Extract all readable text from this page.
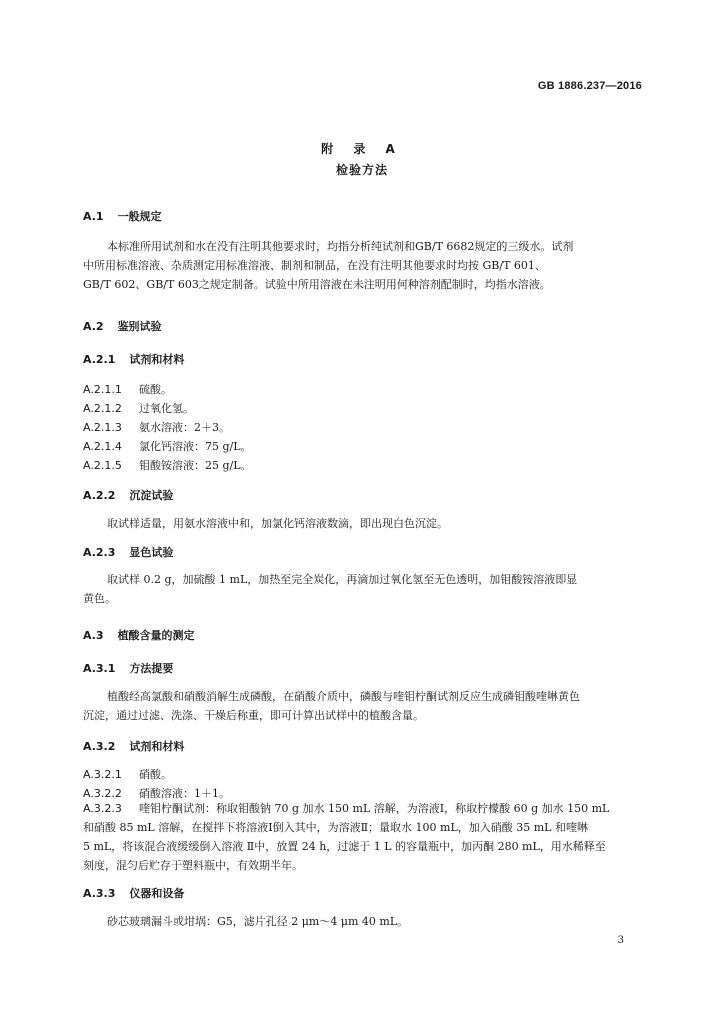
GB 1886.237—2016
附 录 A
检验方法
A.1 一般规定
本标准所用试剂和水在没有注明其他要求时，均指分析纯试剂和GB/T 6682规定的三级水。试剂
中所用标准溶液、杂质测定用标准溶液、制剂和制品，在没有注明其他要求时均按 GB/T 601、
GB/T 602、GB/T 603之规定制备。试验中所用溶液在未注明用何种溶剂配制时，均指水溶液。
A.2 鉴别试验
A.2.1 试剂和材料
A.2.1.1 硫酸。
A.2.1.2 过氧化氢。
A.2.1.3 氨水溶液：2＋3。
A.2.1.4 氯化钙溶液：75 g/L。
A.2.1.5 钼酸铵溶液：25 g/L。
A.2.2 沉淀试验
取试样适量，用氨水溶液中和，加氯化钙溶液数滴，即出现白色沉淀。
A.2.3 显色试验
取试样 0.2 g，加硫酸 1 mL，加热至完全炭化，再滴加过氧化氢至无色透明，加钼酸铵溶液即显
黄色。
A.3 植酸含量的测定
A.3.1 方法提要
植酸经高氯酸和硝酸消解生成磷酸，在硝酸介质中，磷酸与喹钼柠酮试剂反应生成磷钼酸喹啉黄色
沉淀，通过过滤、洗涤、干燥后称重，即可计算出试样中的植酸含量。
A.3.2 试剂和材料
A.3.2.1 硝酸。
A.3.2.2 硝酸溶液：1＋1。
A.3.2.3 喹钼柠酮试剂：称取钼酸钠 70 g 加水 150 mL 溶解，为溶液Ⅰ，称取柠檬酸 60 g 加水 150 mL
和硝酸 85 mL 溶解，在搅拌下将溶液Ⅰ倒入其中，为溶液Ⅱ；量取水 100 mL，加入硝酸 35 mL 和喹啉
5 mL，将该混合液缓缓倒入溶液 Ⅱ中，放置 24 h，过滤于 1 L 的容量瓶中，加丙酮 280 mL，用水稀释至
刻度，混匀后贮存于塑料瓶中，有效期半年。
A.3.3 仪器和设备
砂芯玻璃漏斗或坩埚：G5，滤片孔径 2 μm～4 μm 40 mL。
3
